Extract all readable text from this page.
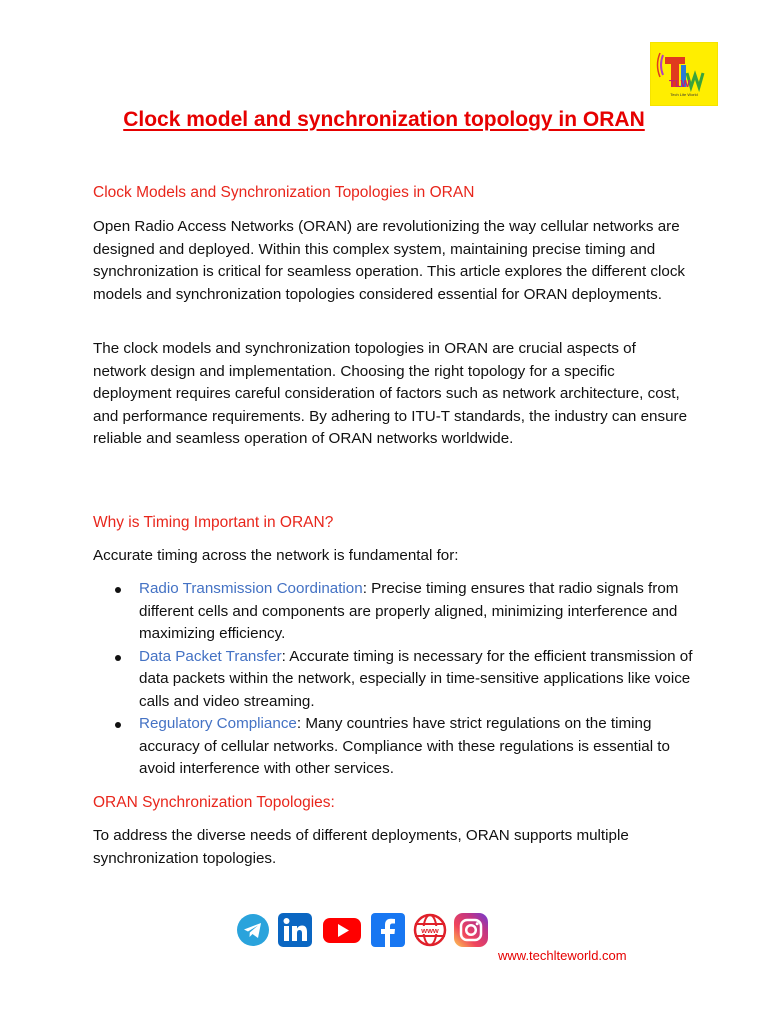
TLW
Tech Lite World
Clock model and synchronization topology in ORAN
Clock Models and Synchronization Topologies in ORAN

Open Radio Access Networks (ORAN) are revolutionizing the way cellular networks are designed and deployed. Within this complex system, maintaining precise timing and synchronization is critical for seamless operation. This article explores the different clock models and synchronization topologies considered essential for ORAN deployments.

The clock models and synchronization topologies in ORAN are crucial aspects of network design and implementation. Choosing the right topology for a specific deployment requires careful consideration of factors such as network architecture, cost, and performance requirements. By adhering to ITU-T standards, the industry can ensure reliable and seamless operation of ORAN networks worldwide.

Why is Timing Important in ORAN?

Accurate timing across the network is fundamental for:

Radio Transmission Coordination: Precise timing ensures that radio signals from different cells and components are properly aligned, minimizing interference and maximizing efficiency.
Data Packet Transfer: Accurate timing is necessary for the efficient transmission of data packets within the network, especially in time-sensitive applications like voice calls and video streaming.
Regulatory Compliance: Many countries have strict regulations on the timing accuracy of cellular networks. Compliance with these regulations is essential to avoid interference with other services.
ORAN Synchronization Topologies:

To address the diverse needs of different deployments, ORAN supports multiple synchronization topologies.

www
www.techlteworld.com
